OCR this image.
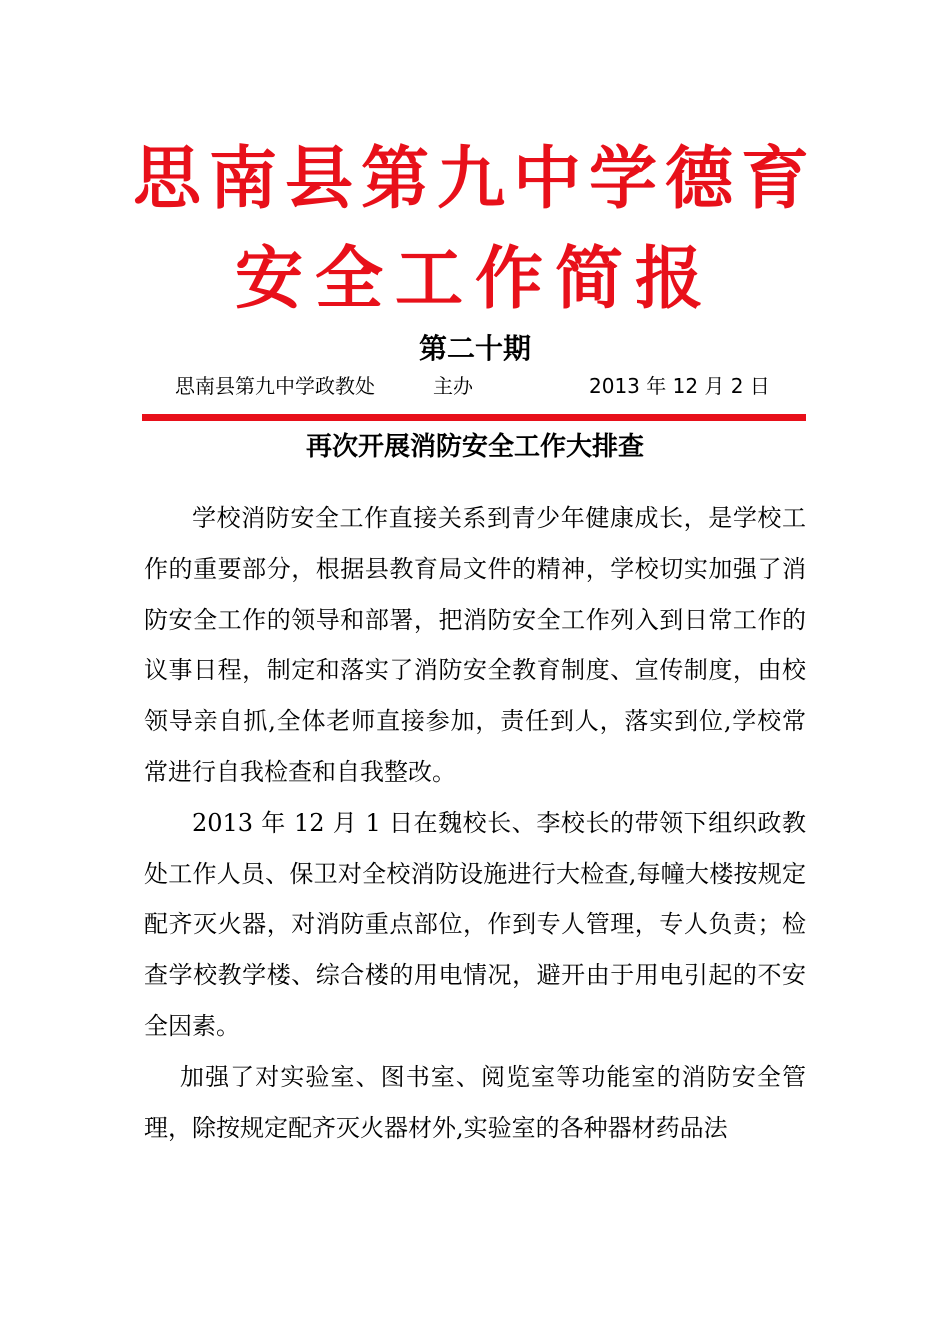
思南县第九中学德育
安全工作简报
第二十期
思南县第九中学政教处	主办	2013 年 12 月 2 日
再次开展消防安全工作大排查

学校消防安全工作直接关系到青少年健康成长，是学校工作的重要部分，根据县教育局文件的精神，学校切实加强了消防安全工作的领导和部署，把消防安全工作列入到日常工作的议事日程，制定和落实了消防安全教育制度、宣传制度，由校领导亲自抓,全体老师直接参加，责任到人，落实到位,学校常常进行自我检查和自我整改。

2013 年 12 月 1 日在魏校长、李校长的带领下组织政教处工作人员、保卫对全校消防设施进行大检查,每幢大楼按规定配齐灭火器，对消防重点部位，作到专人管理，专人负责；检查学校教学楼、综合楼的用电情况，避开由于用电引起的不安全因素。

加强了对实验室、图书室、阅览室等功能室的消防安全管理，除按规定配齐灭火器材外,实验室的各种器材药品法
